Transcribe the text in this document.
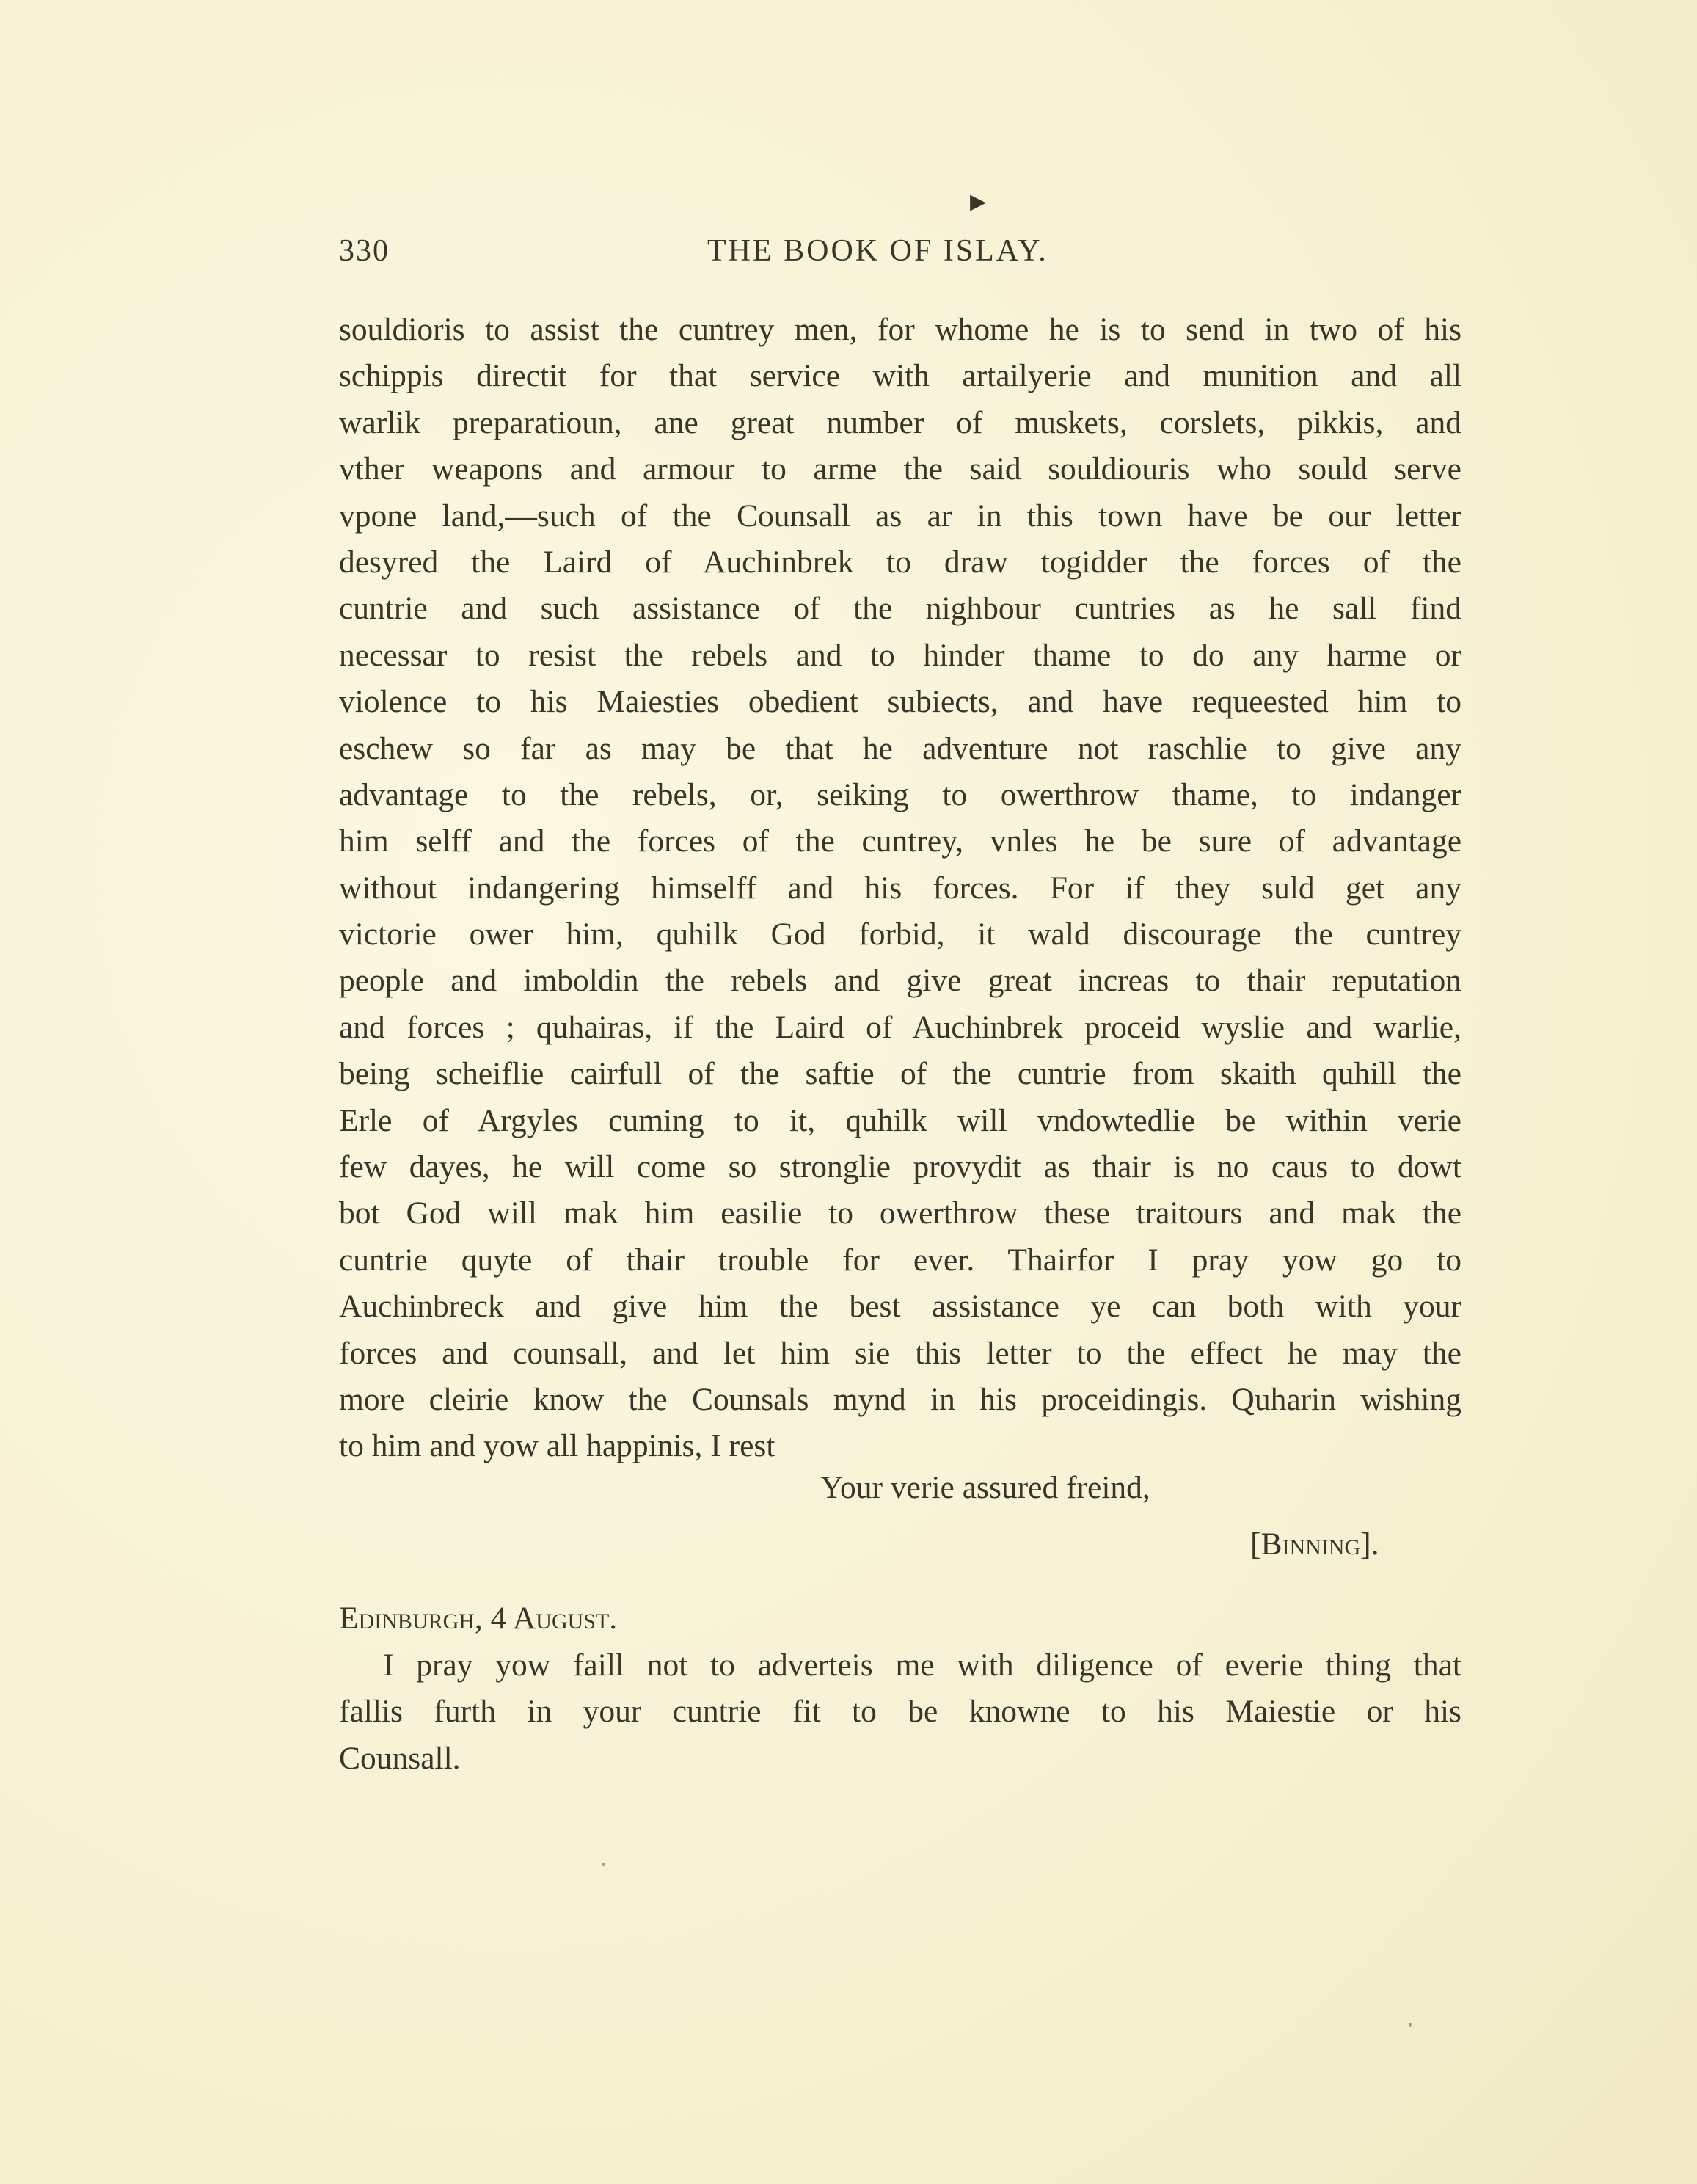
▸
330	THE BOOK OF ISLAY.
souldioris to assist the cuntrey men, for whome he is to send in two of his
schippis directit for that service with artailyerie and munition and all
warlik preparatioun, ane great number of muskets, corslets, pikkis, and
vther weapons and armour to arme the said souldiouris who sould serve
vpone land,—such of the Counsall as ar in this town have be our letter
desyred the Laird of Auchinbrek to draw togidder the forces of the
cuntrie and such assistance of the nighbour cuntries as he sall find
necessar to resist the rebels and to hinder thame to do any harme or
violence to his Maiesties obedient subiects, and have requeested him to
eschew so far as may be that he adventure not raschlie to give any
advantage to the rebels, or, seiking to owerthrow thame, to indanger
him selff and the forces of the cuntrey, vnles he be sure of advantage
without indangering himselff and his forces. For if they suld get any
victorie ower him, quhilk God forbid, it wald discourage the cuntrey
people and imboldin the rebels and give great increas to thair reputation
and forces ; quhairas, if the Laird of Auchinbrek proceid wyslie and warlie,
being scheiflie cairfull of the saftie of the cuntrie from skaith quhill the
Erle of Argyles cuming to it, quhilk will vndowtedlie be within verie
few dayes, he will come so stronglie provydit as thair is no caus to dowt
bot God will mak him easilie to owerthrow these traitours and mak the
cuntrie quyte of thair trouble for ever. Thairfor I pray yow go to
Auchinbreck and give him the best assistance ye can both with your
forces and counsall, and let him sie this letter to the effect he may the
more cleirie know the Counsals mynd in his proceidingis. Quharin wishing
to him and yow all happinis, I rest
Your verie assured freind,
[Binning].
Edinburgh, 4 August.
I pray yow faill not to adverteis me with diligence of everie thing that
fallis furth in your cuntrie fit to be knowne to his Maiestie or his
Counsall.
